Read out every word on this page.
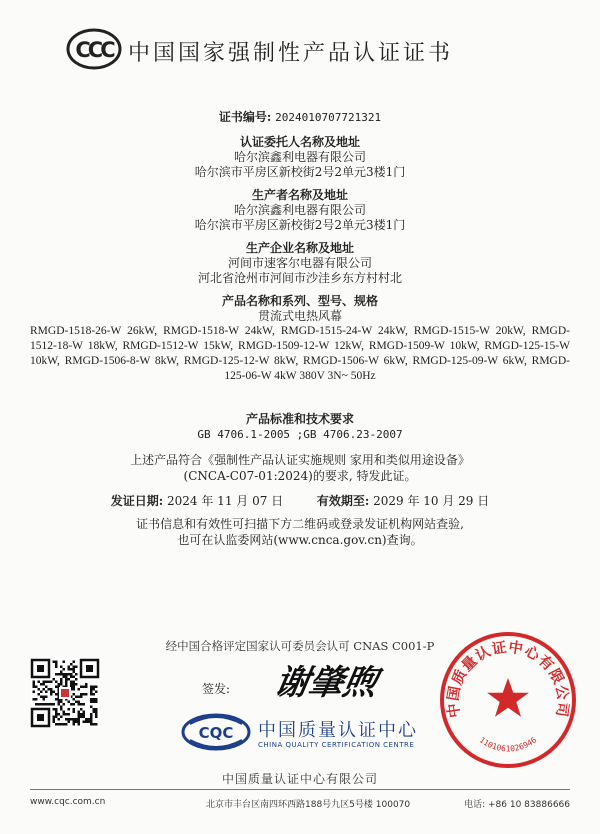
CCC 中国国家强制性产品认证证书
证书编号: 2024010707721321
认证委托人名称及地址
哈尔滨鑫利电器有限公司
哈尔滨市平房区新校街2号2单元3楼1门
生产者名称及地址
哈尔滨鑫利电器有限公司
哈尔滨市平房区新校街2号2单元3楼1门
生产企业名称及地址
河间市速客尔电器有限公司
河北省沧州市河间市沙洼乡东方村村北
产品名称和系列、型号、规格
贯流式电热风幕
RMGD-1518-26-W 26kW, RMGD-1518-W 24kW, RMGD-1515-24-W 24kW, RMGD-1515-W 20kW, RMGD-1512-18-W 18kW, RMGD-1512-W 15kW, RMGD-1509-12-W 12kW, RMGD-1509-W 10kW, RMGD-125-15-W 10kW, RMGD-1506-8-W 8kW, RMGD-125-12-W 8kW, RMGD-1506-W 6kW, RMGD-125-09-W 6kW, RMGD-125-06-W 4kW 380V 3N~ 50Hz
产品标准和技术要求
GB 4706.1-2005 ;GB 4706.23-2007
上述产品符合《强制性产品认证实施规则 家用和类似用途设备》
(CNCA-C07-01:2024)的要求, 特发此证。
发证日期: 2024 年 11 月 07 日	有效期至: 2029 年 10 月 29 日
证书信息和有效性可扫描下方二维码或登录发证机构网站查验,
也可在认监委网站(www.cnca.gov.cn)查询。
经中国合格评定国家认可委员会认可 CNAS C001-P
签发: 谢肇煦
CQC 中国质量认证中心
CHINA QUALITY CERTIFICATION CENTRE
中国质量认证中心有限公司
1101061026946
中国质量认证中心有限公司
www.cqc.com.cn	北京市丰台区南四环西路188号九区5号楼 100070	电话: +86 10 83886666
